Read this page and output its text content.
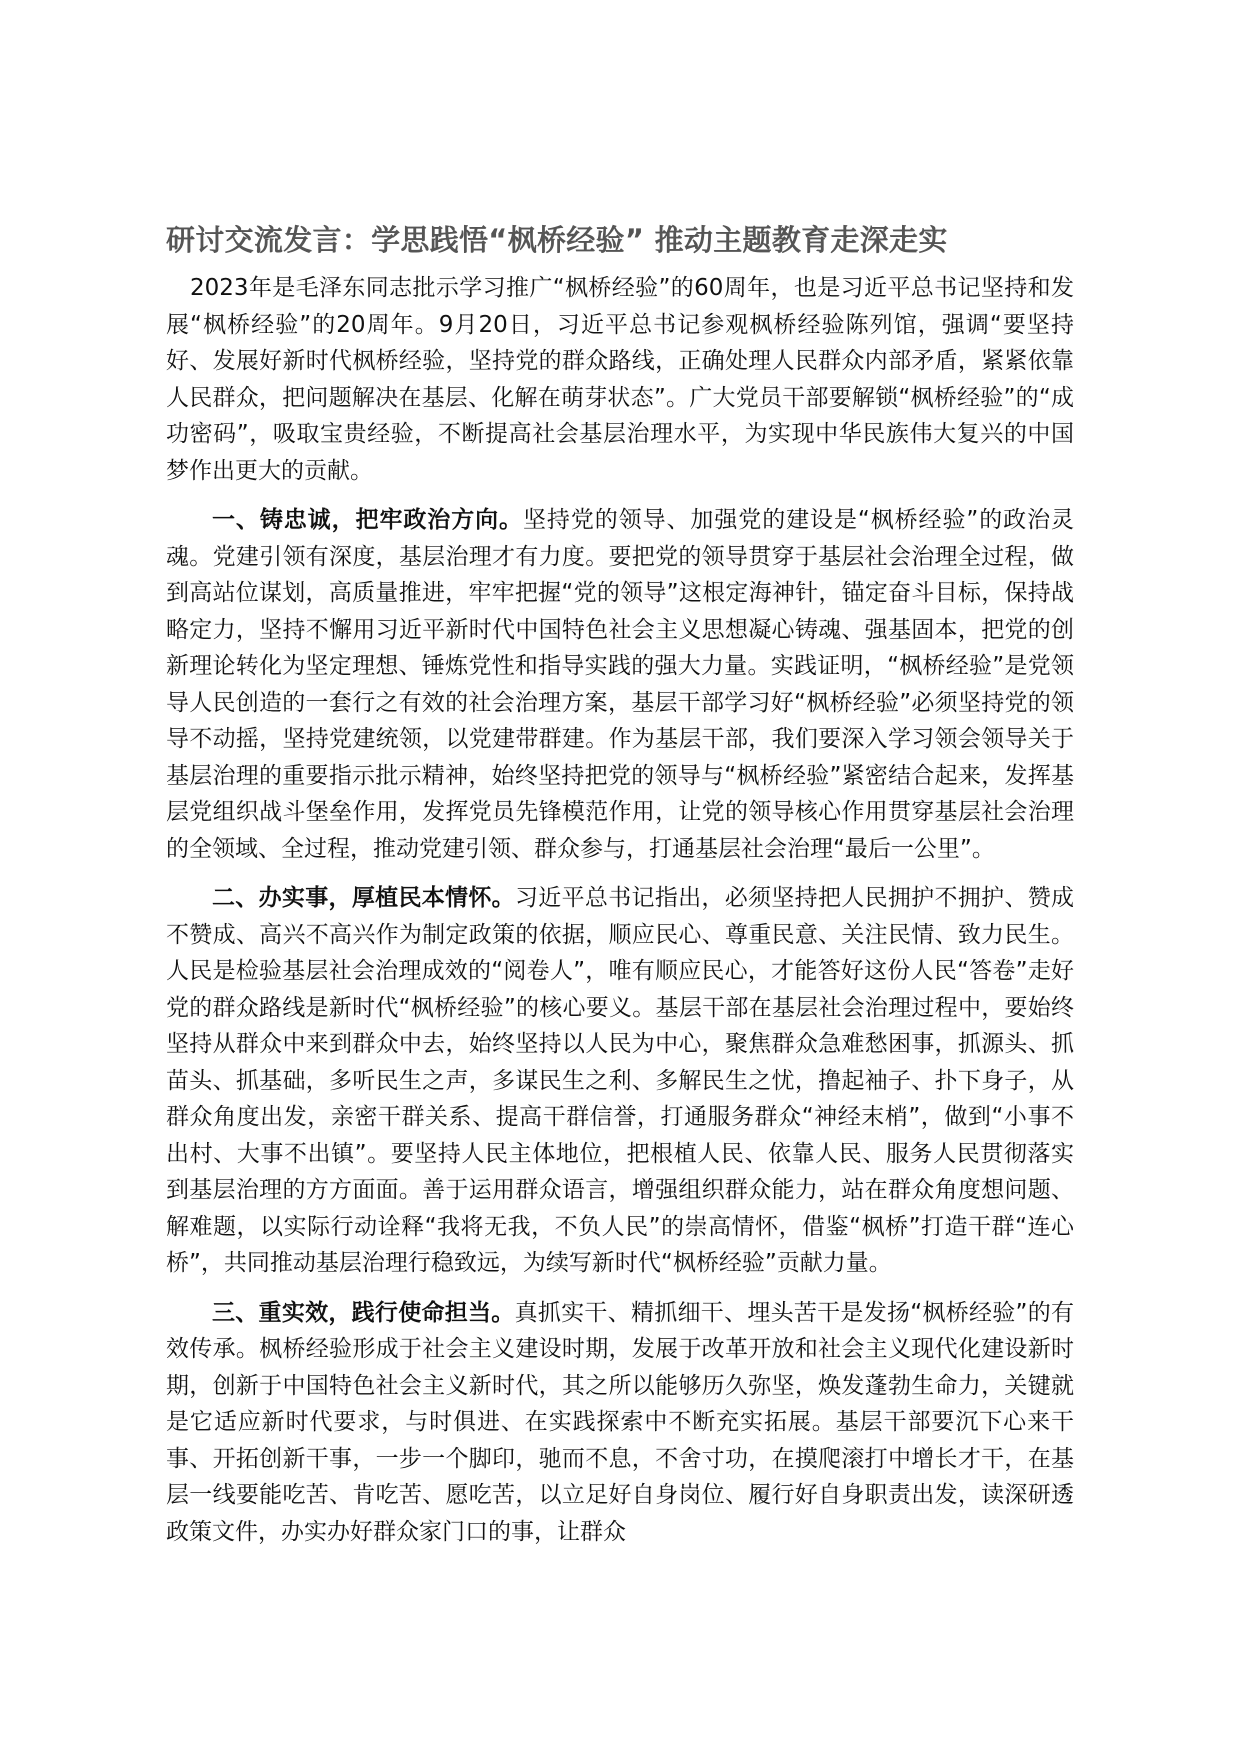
研讨交流发言：学思践悟“枫桥经验” 推动主题教育走深走实

2023年是毛泽东同志批示学习推广“枫桥经验”的60周年，也是习近平总书记坚持和发展“枫桥经验”的20周年。9月20日，习近平总书记参观枫桥经验陈列馆，强调“要坚持好、发展好新时代枫桥经验，坚持党的群众路线，正确处理人民群众内部矛盾，紧紧依靠人民群众，把问题解决在基层、化解在萌芽状态”。广大党员干部要解锁“枫桥经验”的“成功密码”，吸取宝贵经验，不断提高社会基层治理水平，为实现中华民族伟大复兴的中国梦作出更大的贡献。

一、铸忠诚，把牢政治方向。坚持党的领导、加强党的建设是“枫桥经验”的政治灵魂。党建引领有深度，基层治理才有力度。要把党的领导贯穿于基层社会治理全过程，做到高站位谋划，高质量推进，牢牢把握“党的领导”这根定海神针，锚定奋斗目标，保持战略定力，坚持不懈用习近平新时代中国特色社会主义思想凝心铸魂、强基固本，把党的创新理论转化为坚定理想、锤炼党性和指导实践的强大力量。实践证明，“枫桥经验”是党领导人民创造的一套行之有效的社会治理方案，基层干部学习好“枫桥经验”必须坚持党的领导不动摇，坚持党建统领，以党建带群建。作为基层干部，我们要深入学习领会领导关于基层治理的重要指示批示精神，始终坚持把党的领导与“枫桥经验”紧密结合起来，发挥基层党组织战斗堡垒作用，发挥党员先锋模范作用，让党的领导核心作用贯穿基层社会治理的全领域、全过程，推动党建引领、群众参与，打通基层社会治理“最后一公里”。

二、办实事，厚植民本情怀。习近平总书记指出，必须坚持把人民拥护不拥护、赞成不赞成、高兴不高兴作为制定政策的依据，顺应民心、尊重民意、关注民情、致力民生。人民是检验基层社会治理成效的“阅卷人”，唯有顺应民心，才能答好这份人民“答卷”走好党的群众路线是新时代“枫桥经验”的核心要义。基层干部在基层社会治理过程中，要始终坚持从群众中来到群众中去，始终坚持以人民为中心，聚焦群众急难愁困事，抓源头、抓苗头、抓基础，多听民生之声，多谋民生之利、多解民生之忧，撸起袖子、扑下身子，从群众角度出发，亲密干群关系、提高干群信誉，打通服务群众“神经末梢”，做到“小事不出村、大事不出镇”。要坚持人民主体地位，把根植人民、依靠人民、服务人民贯彻落实到基层治理的方方面面。善于运用群众语言，增强组织群众能力，站在群众角度想问题、解难题，以实际行动诠释“我将无我，不负人民”的崇高情怀，借鉴“枫桥”打造干群“连心桥”，共同推动基层治理行稳致远，为续写新时代“枫桥经验”贡献力量。

三、重实效，践行使命担当。真抓实干、精抓细干、埋头苦干是发扬“枫桥经验”的有效传承。枫桥经验形成于社会主义建设时期，发展于改革开放和社会主义现代化建设新时期，创新于中国特色社会主义新时代，其之所以能够历久弥坚，焕发蓬勃生命力，关键就是它适应新时代要求，与时俱进、在实践探索中不断充实拓展。基层干部要沉下心来干事、开拓创新干事，一步一个脚印，驰而不息，不舍寸功，在摸爬滚打中增长才干，在基层一线要能吃苦、肯吃苦、愿吃苦，以立足好自身岗位、履行好自身职责出发，读深研透政策文件，办实办好群众家门口的事，让群众
